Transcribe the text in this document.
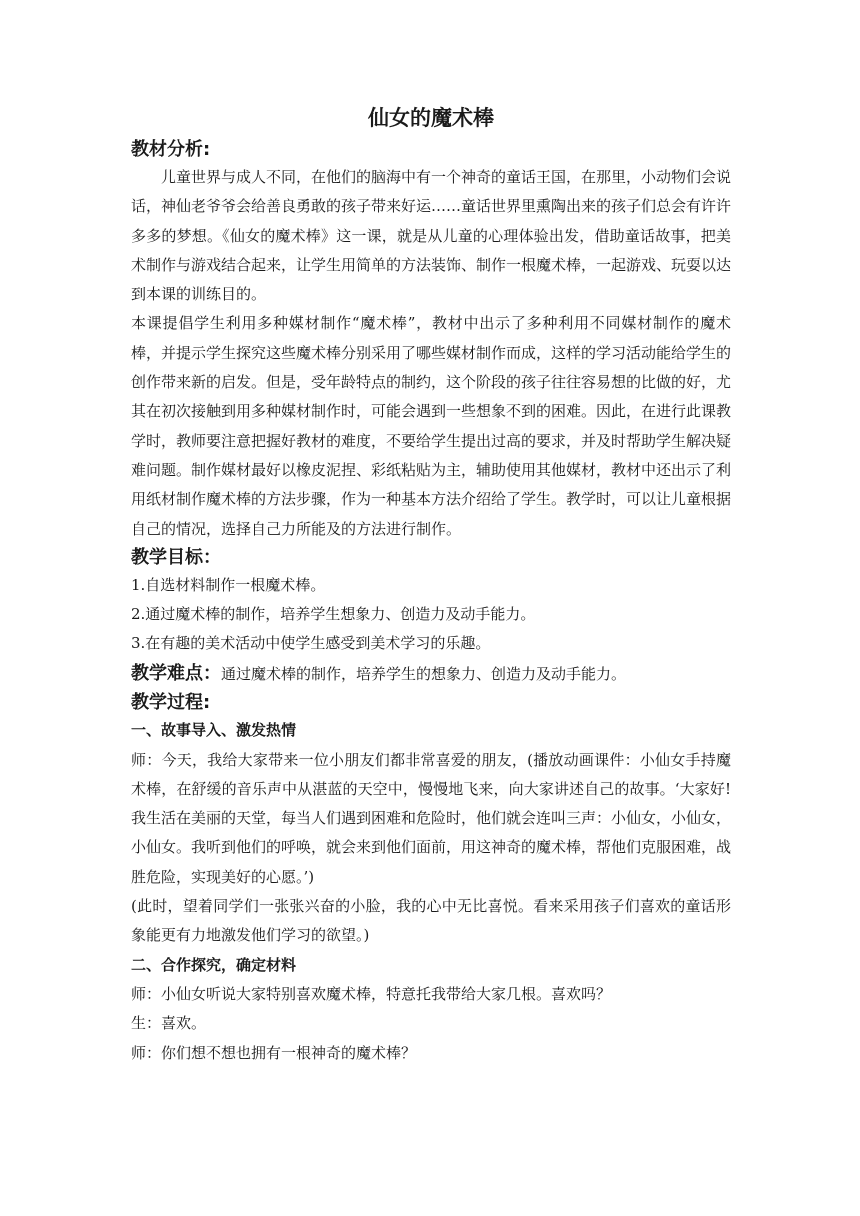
仙女的魔术棒

教材分析:

儿童世界与成人不同，在他们的脑海中有一个神奇的童话王国，在那里，小动物们会说话，神仙老爷爷会给善良勇敢的孩子带来好运……童话世界里熏陶出来的孩子们总会有许许多多的梦想。《仙女的魔术棒》这一课，就是从儿童的心理体验出发，借助童话故事，把美术制作与游戏结合起来，让学生用简单的方法装饰、制作一根魔术棒，一起游戏、玩耍以达到本课的训练目的。

本课提倡学生利用多种媒材制作“魔术棒”，教材中出示了多种利用不同媒材制作的魔术棒，并提示学生探究这些魔术棒分别采用了哪些媒材制作而成，这样的学习活动能给学生的创作带来新的启发。但是，受年龄特点的制约，这个阶段的孩子往往容易想的比做的好，尤其在初次接触到用多种媒材制作时，可能会遇到一些想象不到的困难。因此，在进行此课教学时，教师要注意把握好教材的难度，不要给学生提出过高的要求，并及时帮助学生解决疑难问题。制作媒材最好以橡皮泥捏、彩纸粘贴为主，辅助使用其他媒材，教材中还出示了利用纸材制作魔术棒的方法步骤，作为一种基本方法介绍给了学生。教学时，可以让儿童根据自己的情况，选择自己力所能及的方法进行制作。

教学目标：

1.自选材料制作一根魔术棒。

2.通过魔术棒的制作，培养学生想象力、创造力及动手能力。

3.在有趣的美术活动中使学生感受到美术学习的乐趣。

教学难点：通过魔术棒的制作，培养学生的想象力、创造力及动手能力。

教学过程:

一、故事导入、激发热情

师：今天，我给大家带来一位小朋友们都非常喜爱的朋友，(播放动画课件：小仙女手持魔术棒，在舒缓的音乐声中从湛蓝的天空中，慢慢地飞来，向大家讲述自己的故事。‘大家好!我生活在美丽的天堂，每当人们遇到困难和危险时，他们就会连叫三声：小仙女，小仙女，小仙女。我听到他们的呼唤，就会来到他们面前，用这神奇的魔术棒，帮他们克服困难，战胜危险，实现美好的心愿。’)

(此时，望着同学们一张张兴奋的小脸，我的心中无比喜悦。看来采用孩子们喜欢的童话形象能更有力地激发他们学习的欲望。)

二、合作探究，确定材料

师：小仙女听说大家特别喜欢魔术棒，特意托我带给大家几根。喜欢吗？

生：喜欢。

师：你们想不想也拥有一根神奇的魔术棒？
